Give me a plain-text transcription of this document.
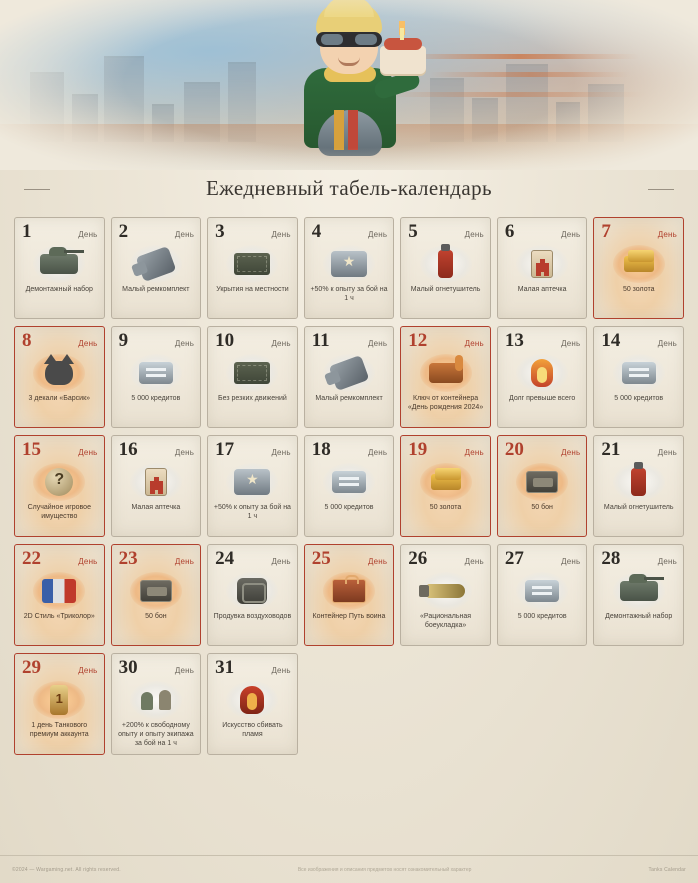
Ежедневный табель-календарь
1	День
Демонтажный набор
2	День
Малый ремкомплект
3	День
Укрытия на местности
4	День
★
+50% к опыту за бой на 1 ч
5	День
Малый огнетушитель
6	День
Малая аптечка
7	День
50 золота
8	День
3 декали «Барсик»
9	День
5 000 кредитов
10	День
Без резких движений
11	День
Малый ремкомплект
12	День
Ключ от контейнера «День рождения 2024»
13	День
Долг превыше всего
14	День
5 000 кредитов
15	День
?
Случайное игровое имущество
16	День
Малая аптечка
17	День
★
+50% к опыту за бой на 1 ч
18	День
5 000 кредитов
19	День
50 золота
20	День
50 бон
21	День
Малый огнетушитель
22	День
2D Стиль «Триколор»
23	День
50 бон
24	День
Продувка воздуховодов
25	День
Контейнер Путь воина
26	День
«Рациональная боеукладка»
27	День
5 000 кредитов
28	День
Демонтажный набор
29	День
1
1 день Танкового премиум аккаунта
30	День
+200% к свободному опыту и опыту экипажа за бой на 1 ч
31	День
Искусство сбивать пламя
©2024 — Wargaming.net. All rights reserved.	Все изображения и описания предметов носят ознакомительный характер	Tanks Calendar
